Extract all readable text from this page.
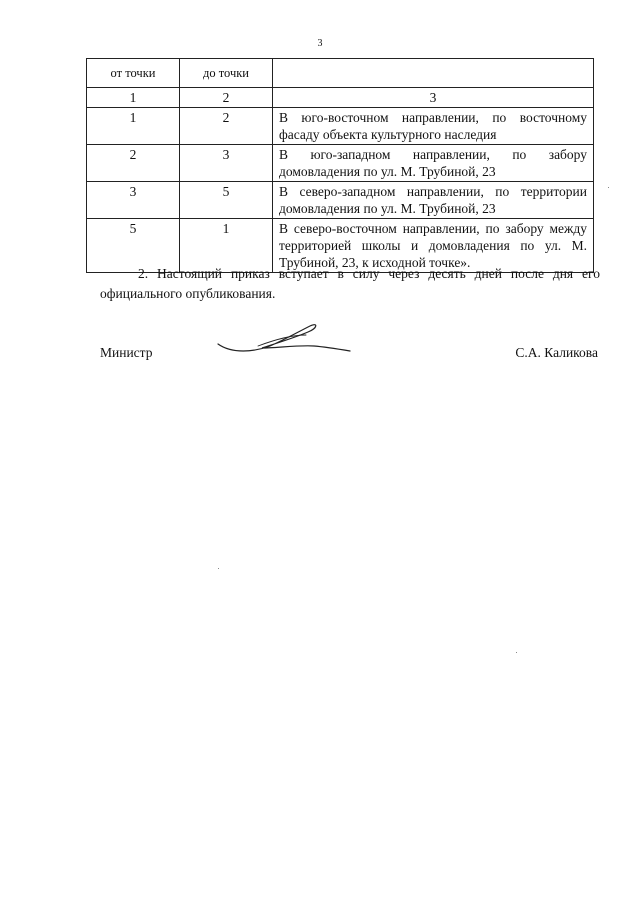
3
от точки	до точки	
1	2	3
1	2	В юго-восточном направлении, по восточному фасаду объекта культурного наследия
2	3	В юго-западном направлении, по забору домовладения по ул. М. Трубиной, 23
3	5	В северо-западном направлении, по территории домовладения по ул. М. Трубиной, 23
5	1	В северо-восточном направлении, по забору между территорией школы и домовладения по ул. М. Трубиной, 23, к исходной точке».

2. Настоящий приказ вступает в силу через десять дней после дня его официального опубликования.

Министр	С.А. Каликова
